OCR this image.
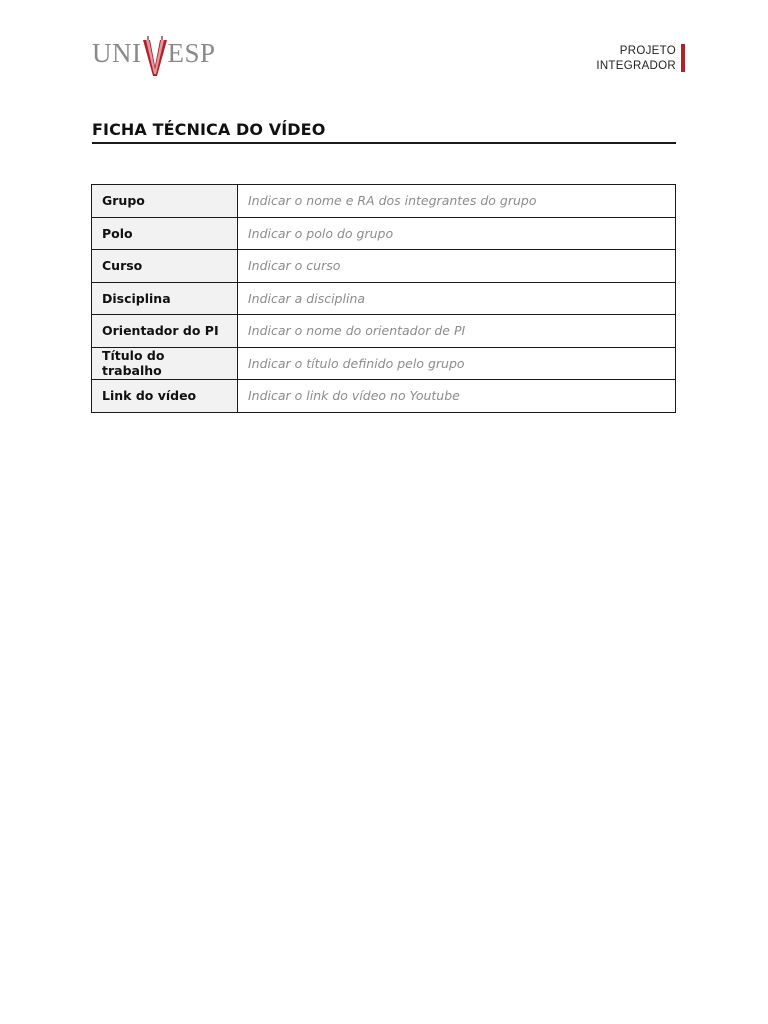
UNI ESP	PROJETO
INTEGRADOR
FICHA TÉCNICA DO VÍDEO
Grupo	Indicar o nome e RA dos integrantes do grupo
Polo	Indicar o polo do grupo
Curso	Indicar o curso
Disciplina	Indicar a disciplina
Orientador do PI	Indicar o nome do orientador de PI
Título do trabalho	Indicar o título definido pelo grupo
Link do vídeo	Indicar o link do vídeo no Youtube
